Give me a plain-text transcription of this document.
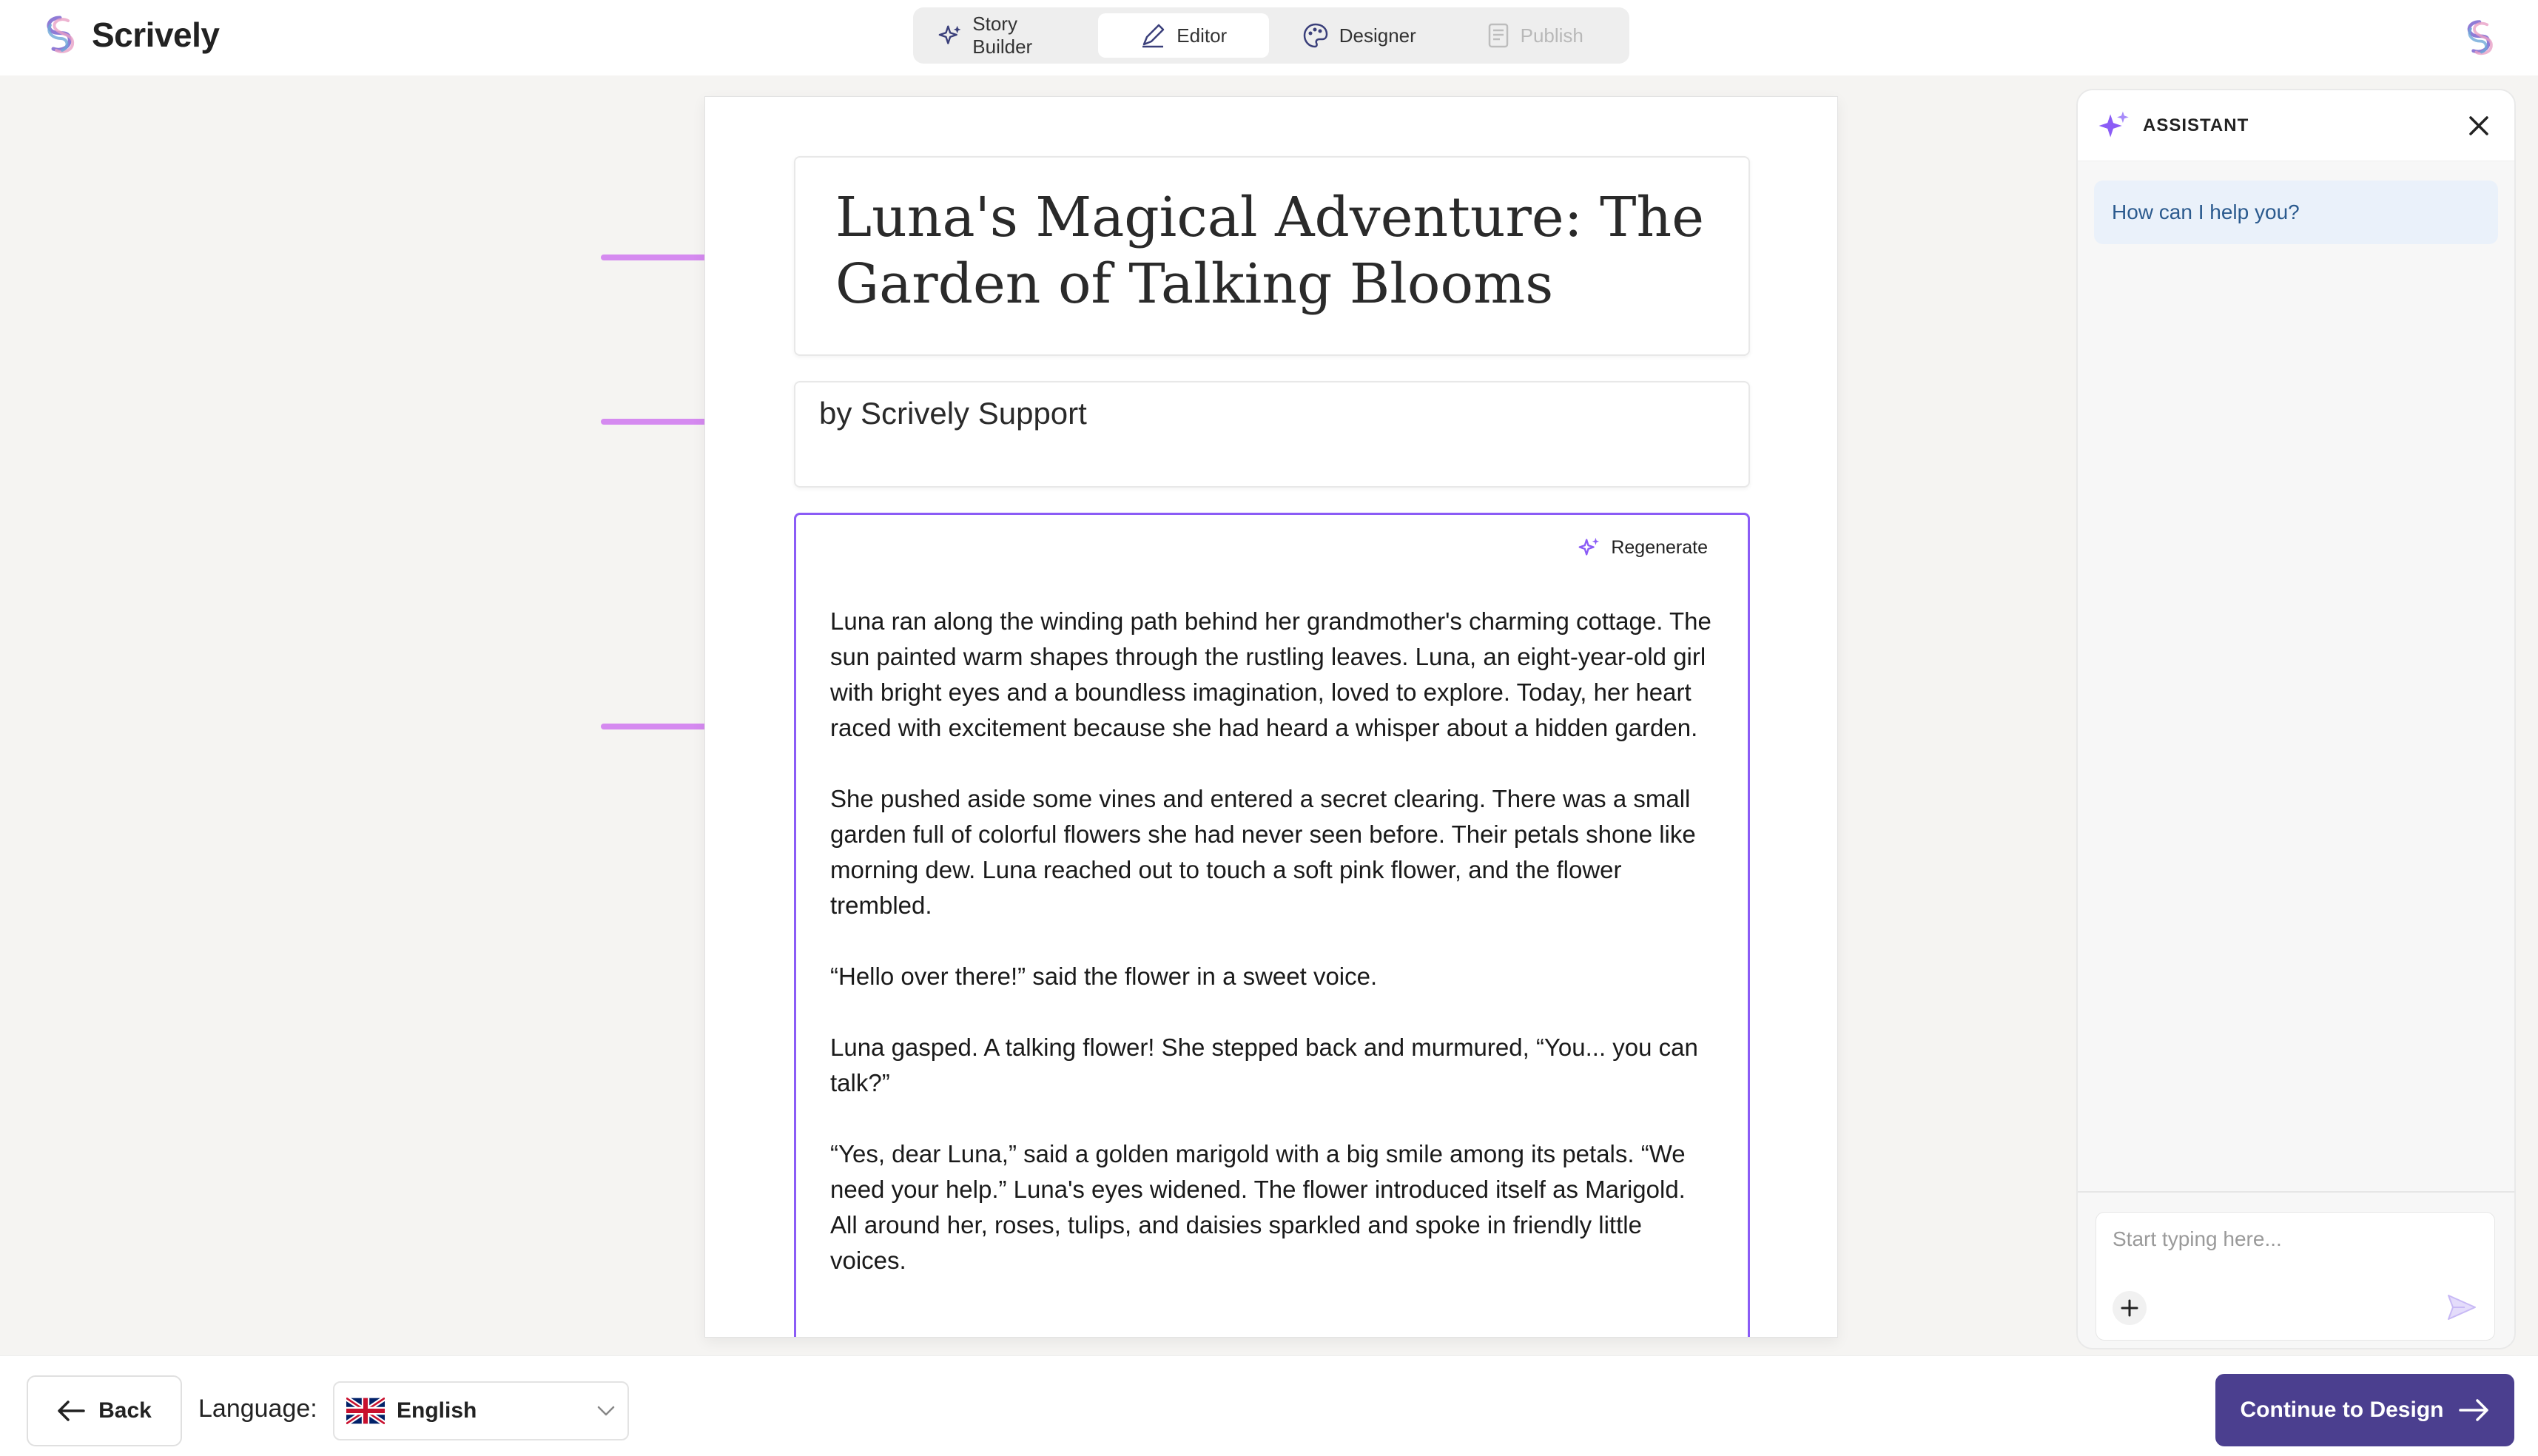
Scrively	Story Builder
Editor	Designer	Publish
Luna's Magical Adventure: The Garden of Talking Blooms
by Scrively Support
Regenerate

Luna ran along the winding path behind her grandmother's charming cottage. The sun painted warm shapes through the rustling leaves. Luna, an eight-year-old girl with bright eyes and a boundless imagination, loved to explore. Today, her heart raced with excitement because she had heard a whisper about a hidden garden.

She pushed aside some vines and entered a secret clearing. There was a small garden full of colorful flowers she had never seen before. Their petals shone like morning dew. Luna reached out to touch a soft pink flower, and the flower trembled.

“Hello over there!” said the flower in a sweet voice.

Luna gasped. A talking flower! She stepped back and murmured, “You... you can talk?”

“Yes, dear Luna,” said a golden marigold with a big smile among its petals. “We need your help.” Luna's eyes widened. The flower introduced itself as Marigold. All around her, roses, tulips, and daisies sparkled and spoke in friendly little voices.

ASSISTANT
How can I help you?
Start typing here...
Back Language:	English	Continue to Design
